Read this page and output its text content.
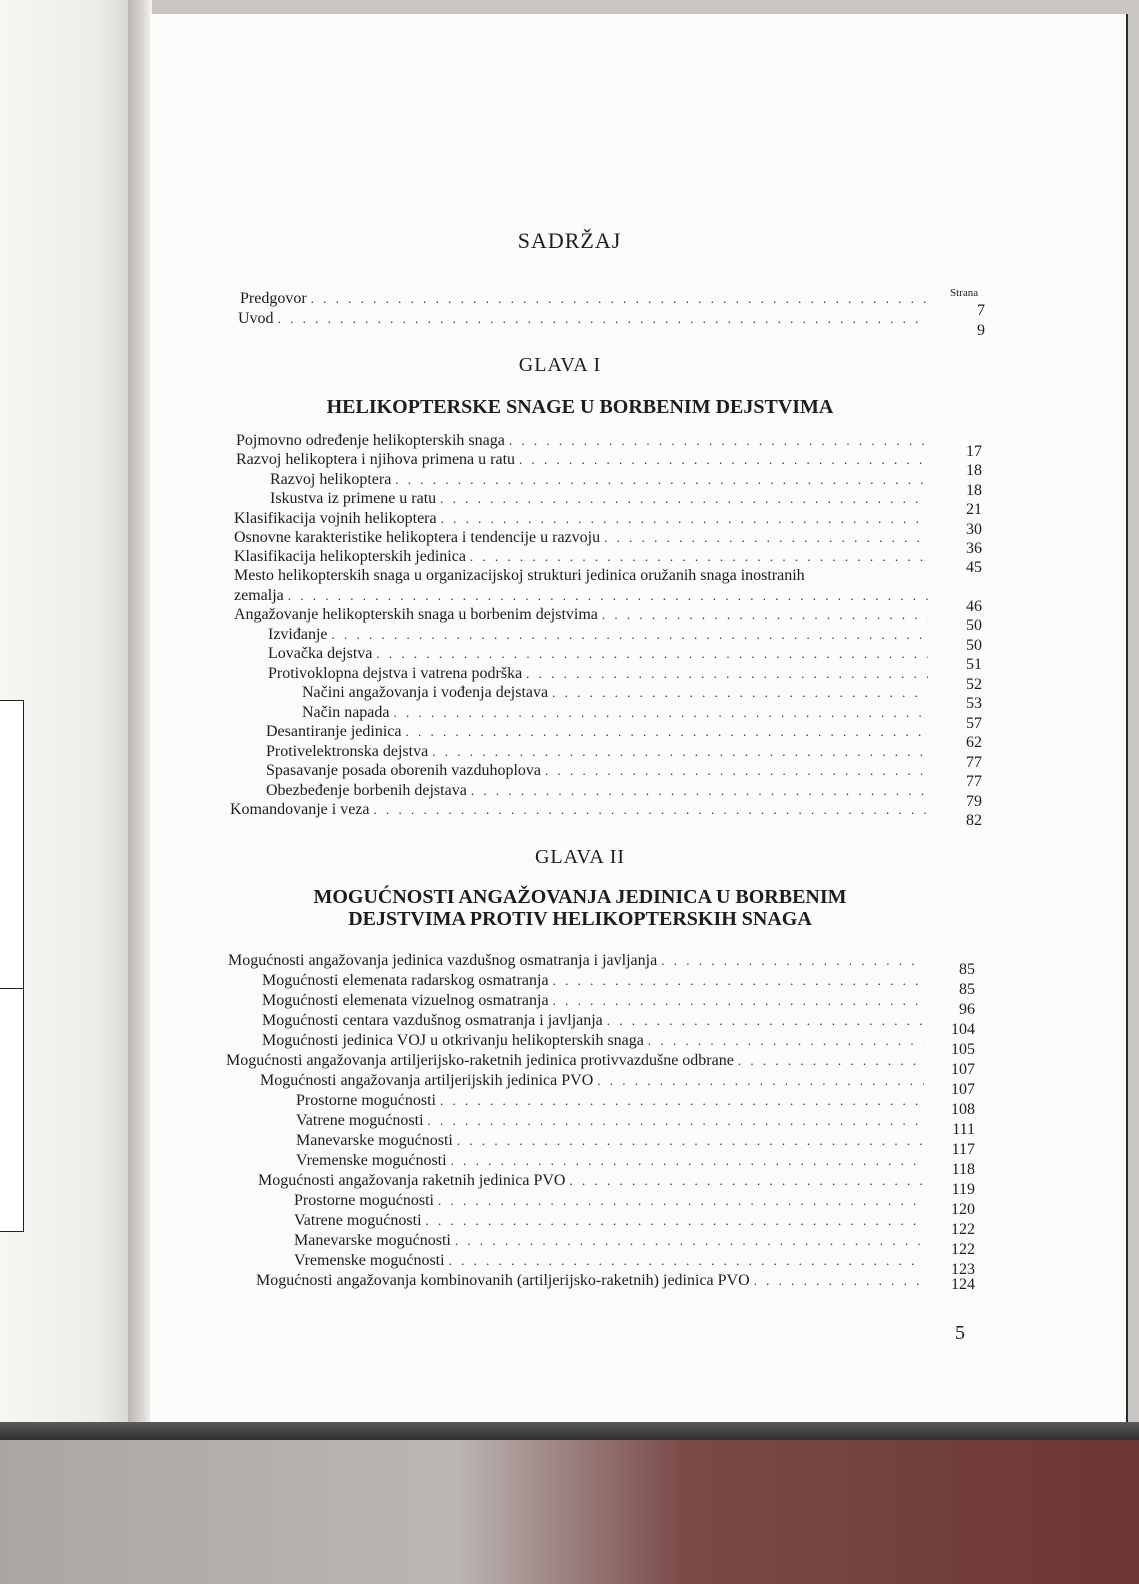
SADRŽAJ
Strana
Predgovor
. . .
7
Uvod
. . .
9
GLAVA I
HELIKOPTERSKE SNAGE U BORBENIM DEJSTVIMA
Pojmovno određenje helikopterskih snaga
. . .
17
Razvoj helikoptera i njihova primena u ratu
. . .
18
Razvoj helikoptera
. . .
18
Iskustva iz primene u ratu
. . .
21
Klasifikacija vojnih helikoptera
. . .
30
Osnovne karakteristike helikoptera i tendencije u razvoju
. . .
36
Klasifikacija helikopterskih jedinica
. . .
45
Mesto helikopterskih snaga u organizacijskoj strukturi jedinica oružanih snaga inostranih
zemalja
. . .
46
Angažovanje helikopterskih snaga u borbenim dejstvima
. . .
50
Izviđanje
. . .
50
Lovačka dejstva
. . .
51
Protivoklopna dejstva i vatrena podrška
. . .
52
Načini angažovanja i vođenja dejstava
. . .
53
Način napada
. . .
57
Desantiranje jedinica
. . .
62
Protivelektronska dejstva
. . .
77
Spasavanje posada oborenih vazduhoplova
. . .
77
Obezbeđenje borbenih dejstava
. . .
79
Komandovanje i veza
. . .
82
GLAVA II
MOGUĆNOSTI ANGAŽOVANJA JEDINICA U BORBENIM
DEJSTVIMA PROTIV HELIKOPTERSKIH SNAGA
Mogućnosti angažovanja jedinica vazdušnog osmatranja i javljanja
. . .
85
Mogućnosti elemenata radarskog osmatranja
. . .
85
Mogućnosti elemenata vizuelnog osmatranja
. . .
96
Mogućnosti centara vazdušnog osmatranja i javljanja
. . .
104
Mogućnosti jedinica VOJ u otkrivanju helikopterskih snaga
. . .
105
Mogućnosti angažovanja artiljerijsko-raketnih jedinica protivvazdušne odbrane
. . .
107
Mogućnosti angažovanja artiljerijskih jedinica PVO
. . .
107
Prostorne mogućnosti
. . .
108
Vatrene mogućnosti
. . .
111
Manevarske mogućnosti
. . .
117
Vremenske mogućnosti
. . .
118
Mogućnosti angažovanja raketnih jedinica PVO
. . .
119
Prostorne mogućnosti
. . .
120
Vatrene mogućnosti
. . .
122
Manevarske mogućnosti
. . .
122
Vremenske mogućnosti
. . .
123
Mogućnosti angažovanja kombinovanih (artiljerijsko-raketnih) jedinica PVO
. . .	124
5
